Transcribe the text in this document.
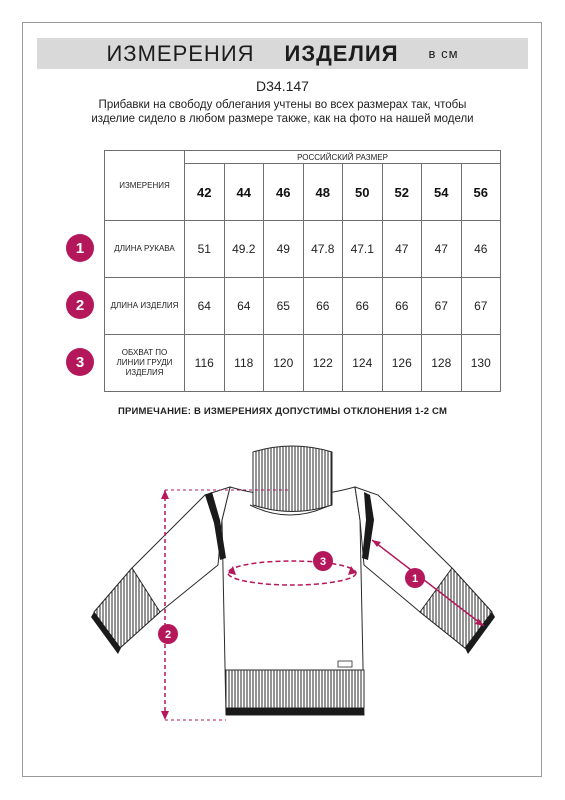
ИЗМЕРЕНИЯ ИЗДЕЛИЯ в см
D34.147
Прибавки на свободу облегания учтены во всех размерах так, чтобы изделие сидело в любом размере также, как на фото на нашей модели
ИЗМЕРЕНИЯ	РОССИЙСКИЙ РАЗМЕР							
	42	44	46	48	50	52	54	56
ДЛИНА РУКАВА	51	49.2	49	47.8	47.1	47	47	46
ДЛИНА ИЗДЕЛИЯ	64	64	65	66	66	66	67	67
ОБХВАТ ПО ЛИНИИ ГРУДИ ИЗДЕЛИЯ	116	118	120	122	124	126	128	130
1
2
3
ПРИМЕЧАНИЕ: В ИЗМЕРЕНИЯХ ДОПУСТИМЫ ОТКЛОНЕНИЯ 1-2 СМ
1
2
3
